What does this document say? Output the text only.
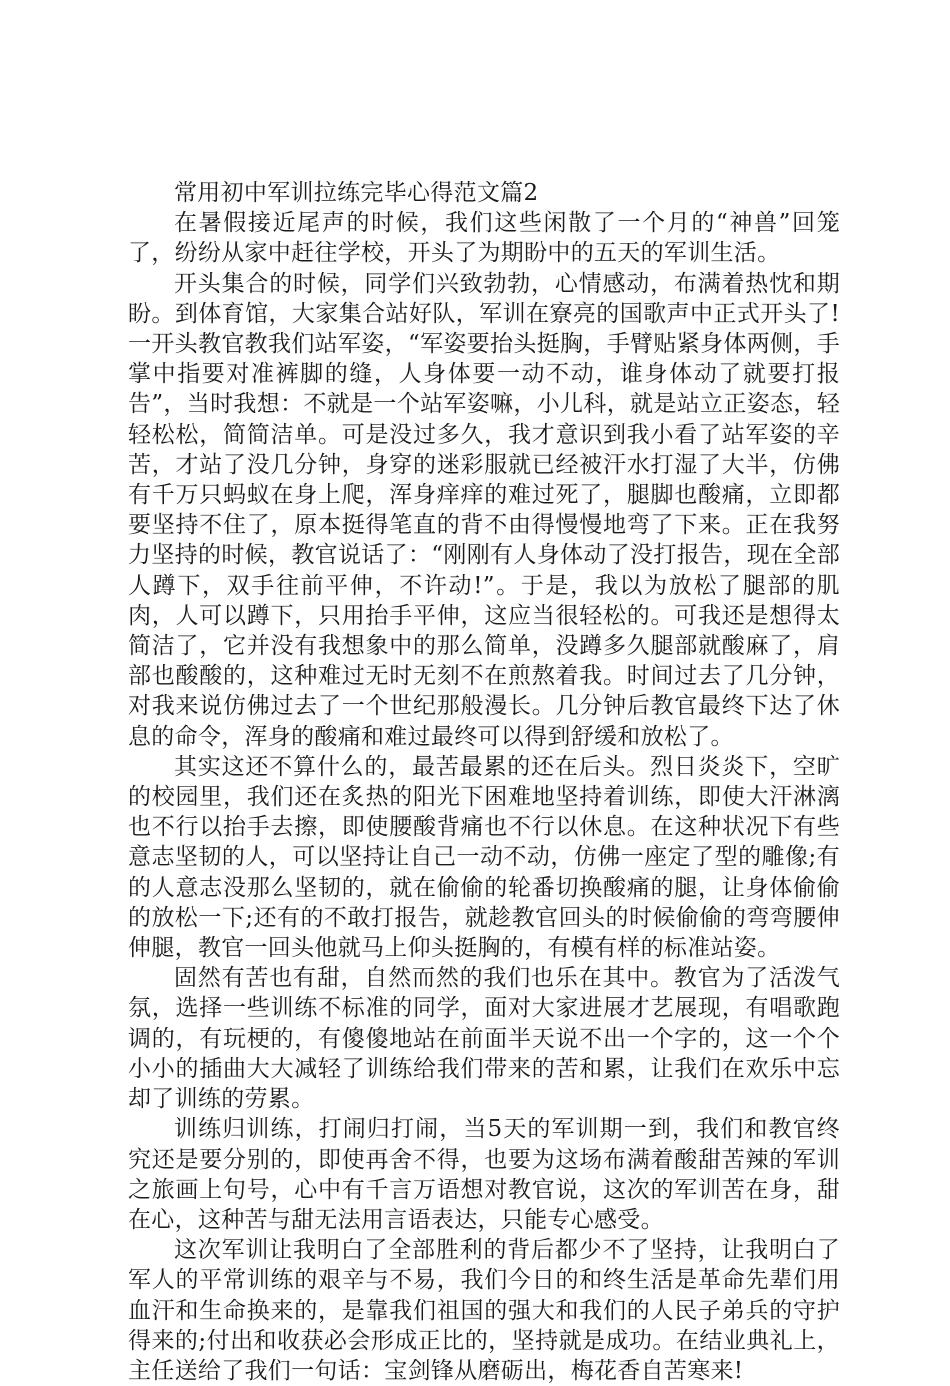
常用初中军训拉练完毕心得范文篇2

在暑假接近尾声的时候，我们这些闲散了一个月的“神兽”回笼了，纷纷从家中赶往学校，开头了为期盼中的五天的军训生活。

开头集合的时候，同学们兴致勃勃，心情感动，布满着热忱和期盼。到体育馆，大家集合站好队，军训在寮亮的国歌声中正式开头了!一开头教官教我们站军姿，“军姿要抬头挺胸，手臂贴紧身体两侧，手掌中指要对准裤脚的缝，人身体要一动不动，谁身体动了就要打报告”，当时我想：不就是一个站军姿嘛，小儿科，就是站立正姿态，轻轻松松，简简洁单。可是没过多久，我才意识到我小看了站军姿的辛苦，才站了没几分钟，身穿的迷彩服就已经被汗水打湿了大半，仿佛有千万只蚂蚁在身上爬，浑身痒痒的难过死了，腿脚也酸痛，立即都要坚持不住了，原本挺得笔直的背不由得慢慢地弯了下来。正在我努力坚持的时候，教官说话了：“刚刚有人身体动了没打报告，现在全部人蹲下，双手往前平伸，不许动!”。于是，我以为放松了腿部的肌肉，人可以蹲下，只用抬手平伸，这应当很轻松的。可我还是想得太简洁了，它并没有我想象中的那么简单，没蹲多久腿部就酸麻了，肩部也酸酸的，这种难过无时无刻不在煎熬着我。时间过去了几分钟，对我来说仿佛过去了一个世纪那般漫长。几分钟后教官最终下达了休息的命令，浑身的酸痛和难过最终可以得到舒缓和放松了。

其实这还不算什么的，最苦最累的还在后头。烈日炎炎下，空旷的校园里，我们还在炙热的阳光下困难地坚持着训练，即使大汗淋漓也不行以抬手去擦，即使腰酸背痛也不行以休息。在这种状况下有些意志坚韧的人，可以坚持让自己一动不动，仿佛一座定了型的雕像;有的人意志没那么坚韧的，就在偷偷的轮番切换酸痛的腿，让身体偷偷的放松一下;还有的不敢打报告，就趁教官回头的时候偷偷的弯弯腰伸伸腿，教官一回头他就马上仰头挺胸的，有模有样的标准站姿。

固然有苦也有甜，自然而然的我们也乐在其中。教官为了活泼气氛，选择一些训练不标准的同学，面对大家进展才艺展现，有唱歌跑调的，有玩梗的，有傻傻地站在前面半天说不出一个字的，这一个个小小的插曲大大减轻了训练给我们带来的苦和累，让我们在欢乐中忘却了训练的劳累。

训练归训练，打闹归打闹，当5天的军训期一到，我们和教官终究还是要分别的，即使再舍不得，也要为这场布满着酸甜苦辣的军训之旅画上句号，心中有千言万语想对教官说，这次的军训苦在身，甜在心，这种苦与甜无法用言语表达，只能专心感受。

这次军训让我明白了全部胜利的背后都少不了坚持，让我明白了军人的平常训练的艰辛与不易，我们今日的和终生活是革命先辈们用血汗和生命换来的，是靠我们祖国的强大和我们的人民子弟兵的守护得来的;付出和收获必会形成正比的，坚持就是成功。在结业典礼上，主任送给了我们一句话：宝剑锋从磨砺出，梅花香自苦寒来!
